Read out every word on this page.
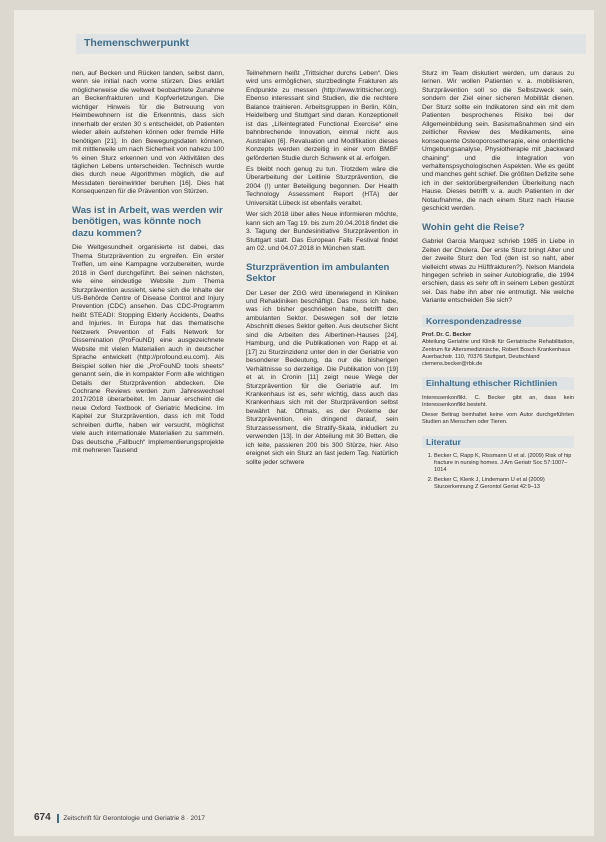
Themenschwerpunkt

nen, auf Becken und Rücken landen, selbst dann, wenn sie initial nach vorne stürzen. Dies erklärt möglicherweise die weltweit beobachtete Zunahme an Beckenfrakturen und Kopfverletzungen. Die wichtiger Hinweis für die Betreuung von Heimbewohnern ist die Erkenntnis, dass sich innerhalb der ersten 30 s entscheidet, ob Patienten wieder allein aufstehen können oder fremde Hilfe benötigen [21]. In den Bewegungsdaten können, mit mittlerweile um nach Sicherheit von nahezu 100 % einen Sturz erkennen und von Aktivitäten des täglichen Lebens unterscheiden. Technisch wurde dies durch neue Algorithmen möglich, die auf Messdaten tiereinwirkter beruhen [16]. Dies hat Konsequenzen für die Prävention von Stürzen.

Was ist in Arbeit, was werden wir benötigen, was könnte noch dazu kommen?

Die Weltgesundheit organisierte ist dabei, das Thema Sturzprävention zu ergreifen. Ein erster Treffen, um eine Kampagne vorzubereiten, wurde 2018 in Genf durchgeführt. Bei seinen nächsten, wie eine eindeutige Website zum Thema Sturzprävention aussieht, siehe sich die Inhalte der US-Behörde Centre of Disease Control and Injury Prevention (CDC) ansehen. Das CDC-Programm heißt STEADI: Stopping Elderly Accidents, Deaths and Injuries. In Europa hat das thematische Netzwerk Prevention of Falls Network for Dissemination (ProFouND) eine ausgezeichnete Website mit vielen Materialien auch in deutscher Sprache entwickelt (http://profound.eu.com). Als Beispiel sollen hier die „ProFouND tools sheets“ genannt sein, die in kompakter Form alle wichtigen Details der Sturzprävention abdecken. Die Cochrane Reviews werden zum Jahreswechsel 2017/2018 überarbeitet. Im Januar erscheint die neue Oxford Textbook of Geriatric Medicine. Im Kapitel zur Sturzprävention, dass ich mit Todd schreiben durfte, haben wir versucht, möglichst viele auch internationale Materialien zu sammeln. Das deutsche „Fallbuch“ Implementierungsprojekte mit mehreren Tausend

Teilnehmern heißt „Trittsicher durchs Leben“. Dies wird uns ermöglichen, sturzbedingte Frakturen als Endpunkte zu messen (http://www.trittsicher.org). Ebenso interessant sind Studien, die die rechtere Balance trainieren. Arbeitsgruppen in Berlin, Köln, Heidelberg und Stuttgart sind daran. Konzeptionell ist das „Lifeintegrated Functional Exercise“ eine bahnbrechende Innovation, einmal nicht aus Australien [6]. Revaluation und Modifikation dieses Konzepts werden derzeitig in einer vom BMBF geförderten Studie durch Schwenk et al. erfolgen.

Es bleibt noch genug zu tun. Trotzdem wäre die Überarbeitung der Leitlinie Sturzprävention, die 2004 (!) unter Beteiligung begonnen. Der Health Technology Assessment Report (HTA) der Universität Lübeck ist ebenfalls veraltet.

Wer sich 2018 über alles Neue informieren möchte, kann sich am Tag 19. bis zum 20.04.2018 findet die 3. Tagung der Bundesinitiative Sturzprävention in Stuttgart statt. Das European Falls Festival findet am 02. und 04.07.2018 in München statt.

Sturzprävention im ambulanten Sektor

Der Leser der ZGG wird überwiegend in Kliniken und Rehakliniken beschäftigt. Das muss ich habe, was ich bisher geschrieben habe, betrifft den ambulanten Sektor. Deswegen soll der letzte Abschnitt dieses Sektor gelten. Aus deutscher Sicht sind die Arbeiten des Albertinen-Hauses [24], Hamburg, und die Publikationen von Rapp et al. [17] zu Sturzinzidenz unter den in der Geriatrie von besonderer Bedeutung, da nur die bisherigen Verhältnisse so derzeitige. Die Publikation von [19] et al. in Cronin [11] zeigt neue Wege der Sturzprävention für die Geriatrie auf. Im Krankenhaus ist es, sehr wichtig, dass auch das Krankenhaus sich mit der Sturzprävention selbst bewährt hat. Oftmals, es der Proleme der Sturzprävention, ein dringend darauf, sein Sturzassessment, die Stratify-Skala, inkludiert zu verwenden [13]. In der Abteilung mit 30 Betten, die ich leite, passieren 200 bis 300 Stürze, hier. Also ereignet sich ein Sturz an fast jedem Tag. Natürlich sollte jeder schwere

Sturz im Team diskutiert werden, um daraus zu lernen. Wir wollen Patienten v. a. mobilisieren, Sturzprävention soll so die Selbstzweck sein, sondern der Ziel einer sicheren Mobilität dienen. Der Sturz sollte ein Indikatoren sind ein mit dem Patienten besprochenes Risiko bei der Allgemeinbildung sein. Basismaßnahmen sind ein zeitlicher Review des Medikaments, eine konsequente Osteoporosetherapie, eine ordentliche Umgebungsanalyse, Physiotherapie mit „backward chaining“ und die Integration von verhaltenspsychologischen Aspekten. Wie es geübt und manches geht schief. Die größten Defizite sehe ich in der sektorübergreifenden Überleitung nach Hause. Dieses betrifft v. a. auch Patienten in der Notaufnahme, die nach einem Sturz nach Hause geschickt werden.

Wohin geht die Reise?

Gabriel Garcia Marquez schrieb 1985 in Liebe in Zeiten der Cholera. Der erste Sturz bringt Alter und der zweite Sturz den Tod (den ist so naht, aber vielleicht etwas zu Hüftfrakturen?). Nelson Mandela hingegen schrieb in seiner Autobiografie, die 1994 erschien, dass es sehr oft in seinem Leben gestürzt sei. Das habe ihn aber nie entmutigt. Nie welche Variante entscheiden Sie sich?

Korrespondenzadresse

Prof. Dr. C. Becker

Abteilung Geriatrie und Klinik für Geriatrische Rehabilitation, Zentrum für Altersmedizinische, Robert Bosch Krankenhaus

Auerbachstr. 110, 70376 Stuttgart, Deutschland

clemens.becker@rbk.de

Einhaltung ethischer Richtlinien

Interessenkonflikt. C. Becker gibt an, dass kein Interessenkonflikt besteht.

Dieser Beitrag beinhaltet keine vom Autor durchgeführten Studien an Menschen oder Tieren.

Literatur
1. Becker C, Rapp K, Rissmann U et al. (2009) Risk of hip fracture in nursing homes. J Am Geriatr Soc 57:1007–1014
2. Becker C, Klenk J, Lindemann U et al (2009) Sturzerkennung Z Gerontol Geriat 42:9–13
674 Zeitschrift für Gerontologie und Geriatrie 8 · 2017
